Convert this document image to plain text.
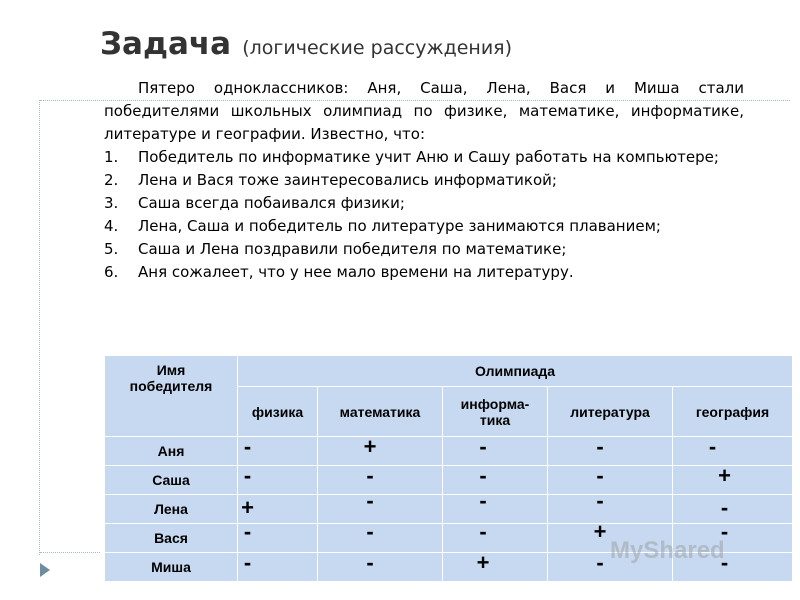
Задача (логические рассуждения)

Пятеро одноклассников: Аня, Саша, Лена, Вася и Миша стали победителями школьных олимпиад по физике, математике, информатике, литературе и географии. Известно, что:

1.	Победитель по информатике учит Аню и Сашу работать на компьютере;
2.	Лена и Вася тоже заинтересовались информатикой;
3.	Саша всегда побаивался физики;
4.	Лена, Саша и победитель по литературе занимаются плаванием;
5.	Саша и Лена поздравили победителя по математике;
6.	Аня сожалеет, что у нее мало времени на литературу.
Имя победителя	Олимпиада				
	физика	математика	информа-тика	литература	география
Аня	-	+	-	-	-
Саша	-	-	-	-	+
Лена	+	-	-	-	-
Вася	-	-	-	+	-
Миша	-	-	+	-	-
MyShared
